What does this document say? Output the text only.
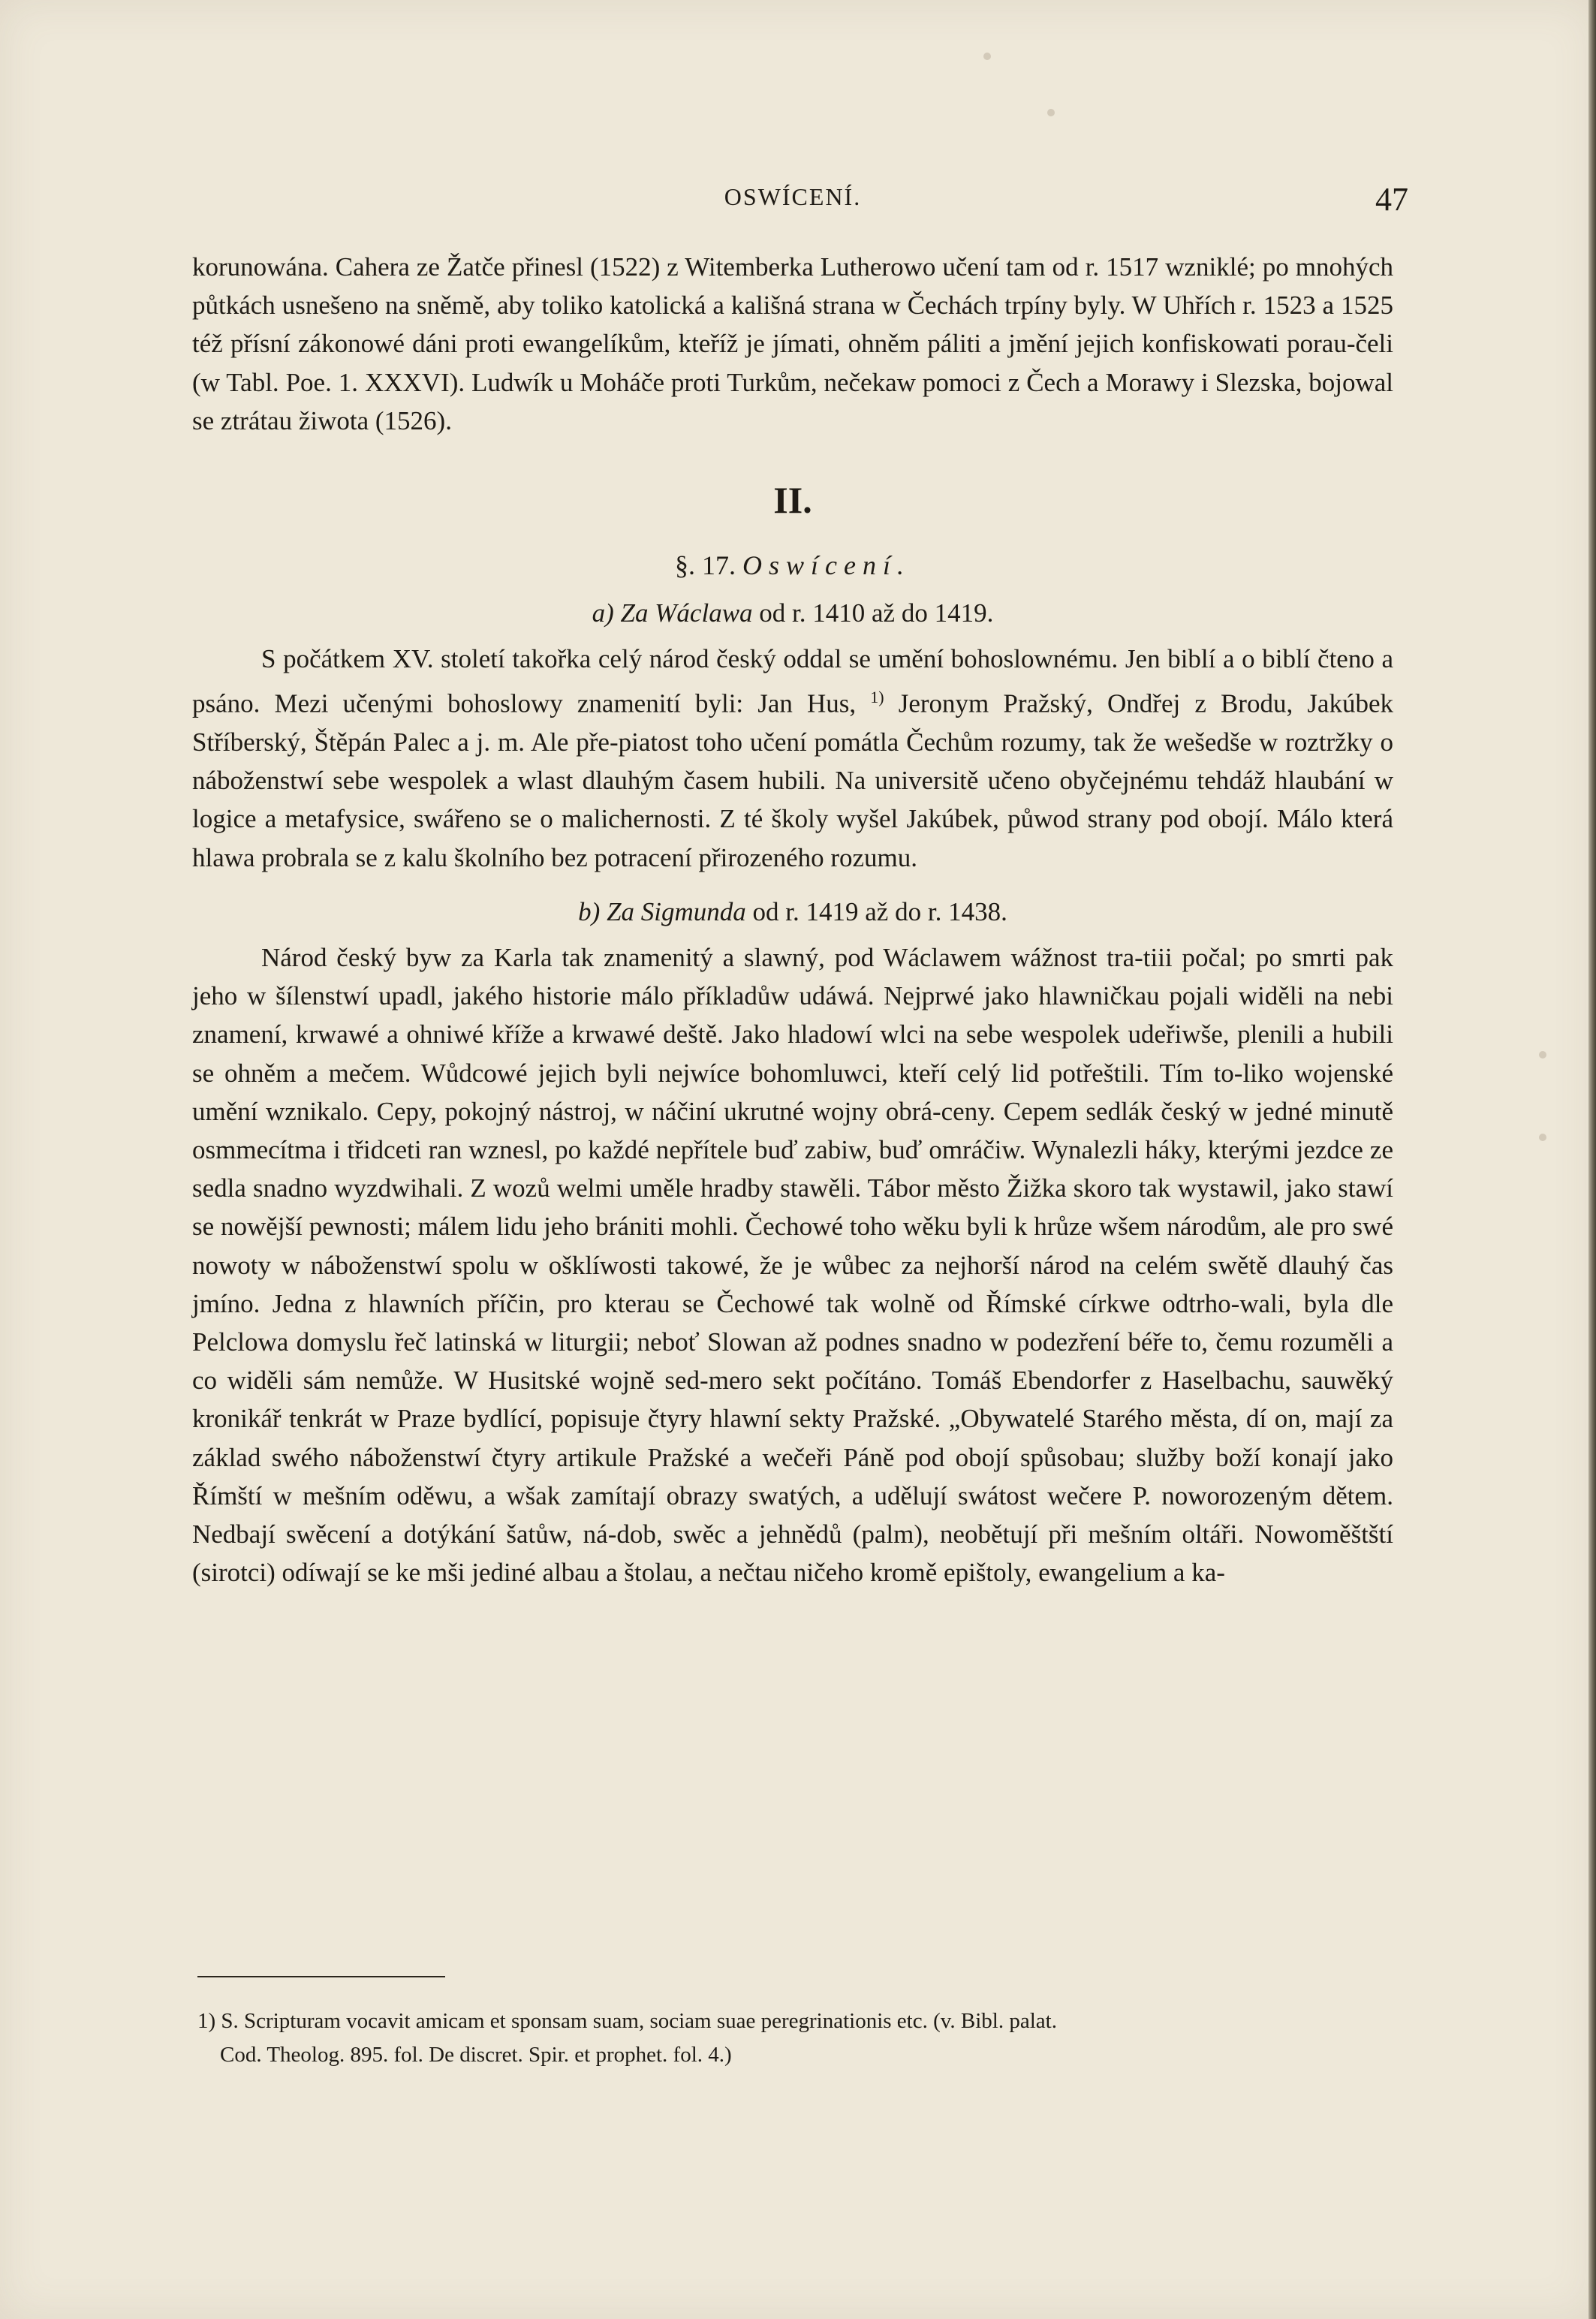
OSWÍCENÍ.	47

korunowána. Cahera ze Žatče přinesl (1522) z Witemberka Lutherowo učení tam od r. 1517 wzniklé; po mnohých půtkách usnešeno na sněmě, aby toliko katolická a kališná strana w Čechách trpíny byly. W Uhřích r. 1523 a 1525 též přísní zákonowé dáni proti ewangelíkům, kteříž je jímati, ohněm páliti a jmění jejich konfiskowati porau-čeli (w Tabl. Poe. 1. XXXVI). Ludwík u Moháče proti Turkům, nečekaw pomoci z Čech a Morawy i Slezska, bojowal se ztrátau žiwota (1526).

II.
§. 17. Oswícení.
a) Za Wáclawa od r. 1410 až do 1419.

S počátkem XV. století takořka celý národ český oddal se umění bohoslownému. Jen biblí a o biblí čteno a psáno. Mezi učenými bohoslowy znamenití byli: Jan Hus, $^{1)}$ Jeronym Pražský, Ondřej z Brodu, Jakúbek Stříberský, Štěpán Palec a j. m. Ale pře-piatost toho učení pomátla Čechům rozumy, tak že wešedše w roztržky o náboženstwí sebe wespolek a wlast dlauhým časem hubili. Na universitě učeno obyčejnému tehdáž hlaubání w logice a metafysice, swářeno se o malichernosti. Z té školy wyšel Jakúbek, půwod strany pod obojí. Málo která hlawa probrala se z kalu školního bez potracení přirozeného rozumu.

b) Za Sigmunda od r. 1419 až do r. 1438.

Národ český byw za Karla tak znamenitý a slawný, pod Wáclawem wážnost tra-tiii počal; po smrti pak jeho w šílenstwí upadl, jakého historie málo příkladůw udáwá. Nejprwé jako hlawničkau pojali widěli na nebi znamení, krwawé a ohniwé kříže a krwawé deště. Jako hladowí wlci na sebe wespolek udeřiwše, plenili a hubili se ohněm a mečem. Wůdcowé jejich byli nejwíce bohomluwci, kteří celý lid potřeštili. Tím to-liko wojenské umění wznikalo. Cepy, pokojný nástroj, w náčiní ukrutné wojny obrá-ceny. Cepem sedlák český w jedné minutě osmmecítma i třidceti ran wznesl, po každé nepřítele buď zabiw, buď omráčiw. Wynalezli háky, kterými jezdce ze sedla snadno wyzdwihali. Z wozů welmi uměle hradby stawěli. Tábor město Žižka skoro tak wystawil, jako stawí se nowější pewnosti; málem lidu jeho brániti mohli. Čechowé toho wěku byli k hrůze wšem národům, ale pro swé nowoty w náboženstwí spolu w ošklíwosti takowé, že je wůbec za nejhorší národ na celém swětě dlauhý čas jmíno. Jedna z hlawních příčin, pro kterau se Čechowé tak wolně od Římské církwe odtrho-wali, byla dle Pelclowa domyslu řeč latinská w liturgii; neboť Slowan až podnes snadno w podezření béře to, čemu rozuměli a co widěli sám nemůže. W Husitské wojně sed-mero sekt počítáno. Tomáš Ebendorfer z Haselbachu, sauwěký kronikář tenkrát w Praze bydlící, popisuje čtyry hlawní sekty Pražské. „Obywatelé Starého města, dí on, mají za základ swého náboženstwí čtyry artikule Pražské a wečeři Páně pod obojí spůsobau; služby boží konají jako Římští w mešním oděwu, a wšak zamítají obrazy swatých, a udělují swátost wečere P. noworozeným dětem. Nedbají swěcení a dotýkání šatůw, ná-dob, swěc a jehnědů (palm), neobětují při mešním oltáři. Nowoměštští (sirotci) odíwají se ke mši jediné albau a štolau, a nečtau ničeho kromě epištoly, ewangelium a ka-

1) S. Scripturam vocavit amicam et sponsam suam, sociam suae peregrinationis etc. (v. Bibl. palat.
Cod. Theolog. 895. fol. De discret. Spir. et prophet. fol. 4.)
